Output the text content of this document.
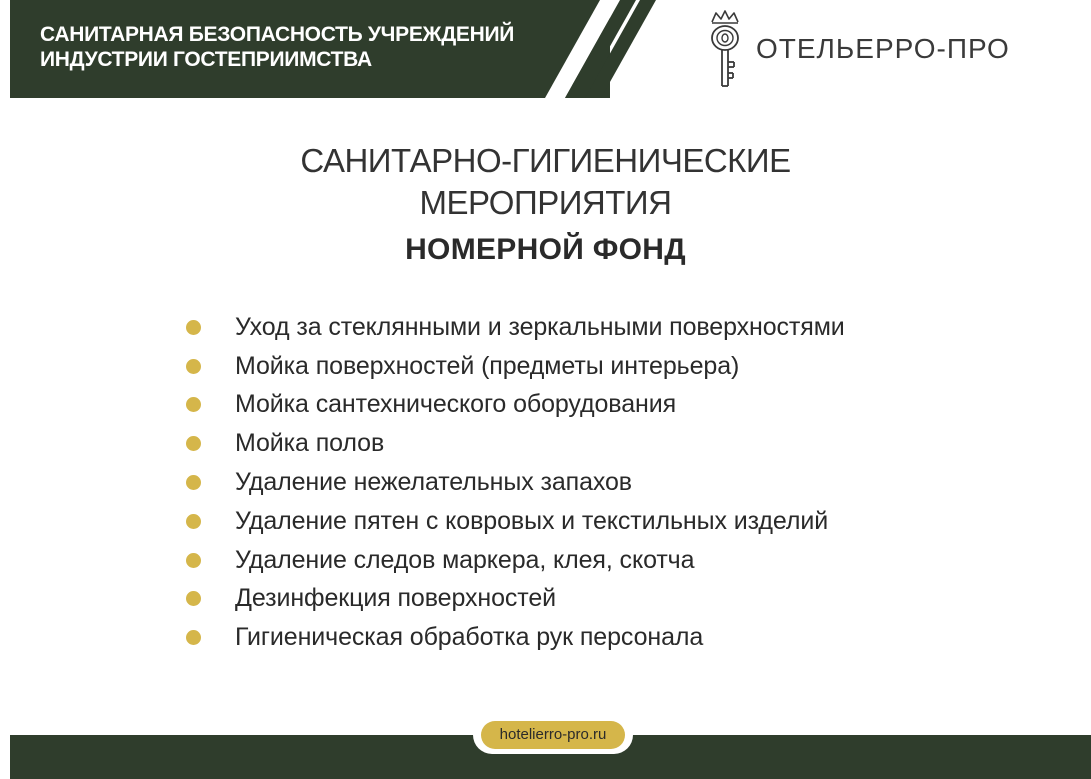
САНИТАРНАЯ БЕЗОПАСНОСТЬ УЧРЕЖДЕНИЙ
ИНДУСТРИИ ГОСТЕПРИИМСТВА	ОТЕЛЬЕРРО-ПРО
САНИТАРНО-ГИГИЕНИЧЕСКИЕ
МЕРОПРИЯТИЯ
НОМЕРНОЙ ФОНД
Уход за стеклянными и зеркальными поверхностями
Мойка поверхностей (предметы интерьера)
Мойка сантехнического оборудования
Мойка полов
Удаление нежелательных запахов
Удаление пятен с ковровых и текстильных изделий
Удаление следов маркера, клея, скотча
Дезинфекция поверхностей
Гигиеническая обработка рук персонала
hotelierro-pro.ru
